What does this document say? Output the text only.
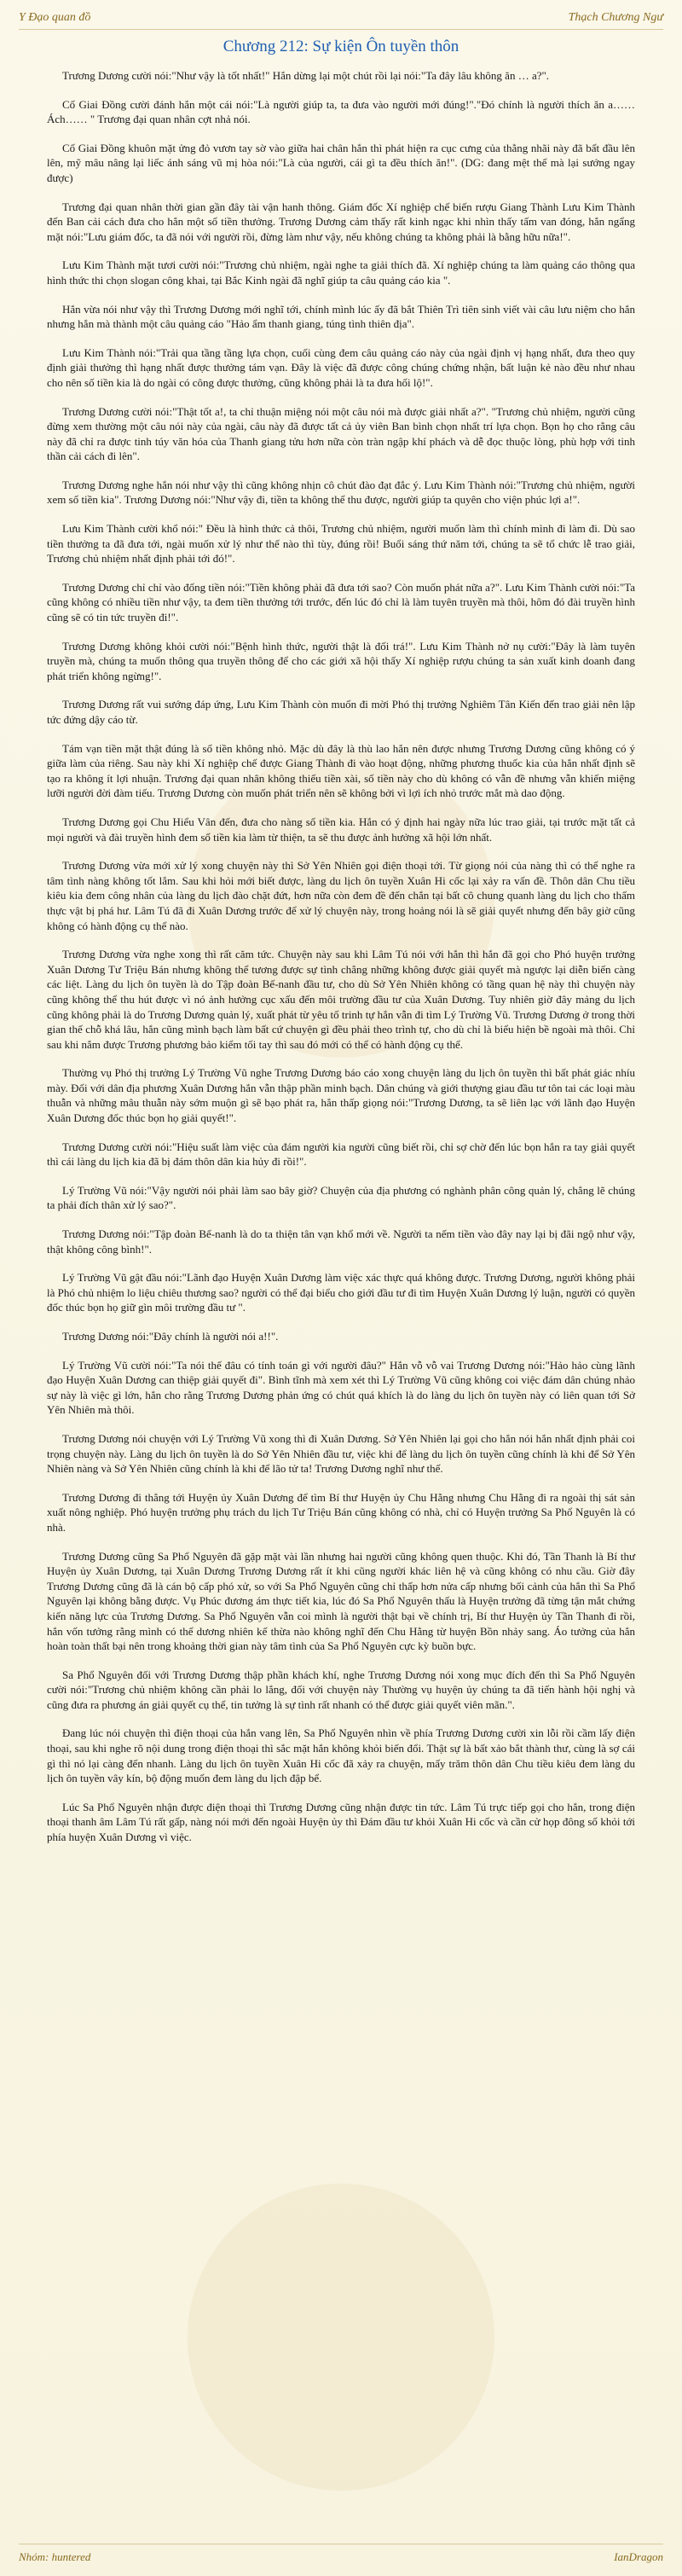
Y Đạo quan đồ	Thạch Chương Ngư
Chương 212: Sự kiện Ôn tuyền thôn

Trương Dương cười nói:"Như vậy là tốt nhất!" Hắn dừng lại một chút rồi lại nói:"Ta đây lâu không ăn … a?".

Cố Giai Đồng cười đánh hắn một cái nói:"Là người giúp ta, ta đưa vào người mới đúng!"."Đó chính là người thích ăn a…… Ách…… " Trương đại quan nhân cợt nhả nói.

Cố Giai Đồng khuôn mặt ửng đỏ vươn tay sờ vào giữa hai chân hắn thì phát hiện ra cục cưng của thằng nhãi này đã bất đầu lên lên, mỹ mâu nâng lại liếc ánh sáng vũ mị hòa nói:"Là của người, cái gì ta đều thích ăn!". (DG: đang mệt thế mà lại sướng ngay được)

Trương đại quan nhân thời gian gần đây tài vận hanh thông. Giám đốc Xí nghiệp chế biến rượu Giang Thành Lưu Kim Thành đến Ban cải cách đưa cho hắn một số tiền thưởng. Trương Dương cảm thấy rất kinh ngạc khi nhìn thấy tấm van đóng, hắn ngẩng mặt nói:"Lưu giám đốc, ta đã nói với người rồi, đừng làm như vậy, nếu không chúng ta không phải là bằng hữu nữa!".

Lưu Kim Thành mặt tươi cười nói:"Trương chủ nhiệm, ngài nghe ta giải thích đã. Xí nghiệp chúng ta làm quảng cáo thông qua hình thức thi chọn slogan công khai, tại Bắc Kinh ngài đã nghĩ giúp ta câu quảng cáo kia ".

Hắn vừa nói như vậy thì Trương Dương mới nghĩ tới, chính mình lúc ấy đã bắt Thiên Trì tiên sinh viết vài câu lưu niệm cho hắn nhưng hắn mà thành một câu quảng cáo "Hảo ẩm thanh giang, túng tình thiên địa".

Lưu Kim Thành nói:"Trải qua tầng tầng lựa chọn, cuối cùng đem câu quảng cáo này của ngài định vị hạng nhất, đưa theo quy định giải thưởng thì hạng nhất được thưởng tám vạn. Đây là việc đã được công chúng chứng nhận, bất luận kẻ nào đều như nhau cho nên số tiền kia là do ngài có công được thưởng, cũng không phải là ta đưa hối lộ!".

Trương Dương cười nói:"Thật tốt a!, ta chỉ thuận miệng nói một câu nói mà được giải nhất a?". "Trương chủ nhiệm, người cũng đừng xem thường một câu nói này của ngài, câu này đã được tất cả ủy viên Ban bình chọn nhất trí lựa chọn. Bọn họ cho rằng câu này đã chỉ ra được tinh túy văn hóa của Thanh giang tửu hơn nữa còn tràn ngập khí phách và dễ đọc thuộc lòng, phù hợp với tinh thần cải cách đi lên".

Trương Dương nghe hắn nói như vậy thì cũng không nhịn cô chút đào đạt đắc ý. Lưu Kim Thành nói:"Trương chủ nhiệm, người xem số tiền kia". Trương Dương nói:"Như vậy đi, tiền ta không thể thu được, người giúp ta quyên cho viện phúc lợi a!".

Lưu Kim Thành cười khổ nói:" Đều là hình thức cả thôi, Trương chủ nhiệm, người muốn làm thì chính mình đi làm đi. Dù sao tiền thưởng ta đã đưa tới, ngài muốn xử lý như thế nào thì tùy, đúng rồi! Buổi sáng thứ năm tới, chúng ta sẽ tổ chức lễ trao giải, Trương chủ nhiệm nhất định phải tới đó!".

Trương Dương chỉ chỉ vào đống tiền nói:"Tiền không phải đã đưa tới sao? Còn muốn phát nữa a?". Lưu Kim Thành cười nói:"Ta cũng không có nhiều tiền như vậy, ta đem tiền thưởng tới trước, đến lúc đó chỉ là làm tuyên truyền mà thôi, hôm đó đài truyền hình cũng sẽ có tin tức truyền đi!".

Trương Dương không khỏi cười nói:"Bệnh hình thức, người thật là đối trá!". Lưu Kim Thành nở nụ cười:"Đây là làm tuyên truyền mà, chúng ta muốn thông qua truyền thông để cho các giới xã hội thấy Xí nghiệp rượu chúng ta sản xuất kinh doanh đang phát triển không ngừng!".

Trương Dương rất vui sướng đáp ứng, Lưu Kim Thành còn muốn đi mời Phó thị trưởng Nghiêm Tân Kiến đến trao giải nên lập tức đứng dậy cáo từ.

Tám vạn tiền mặt thật đúng là số tiền không nhỏ. Mặc dù đây là thù lao hắn nên được nhưng Trương Dương cũng không có ý giữa làm của riêng. Sau này khi Xí nghiệp chế được Giang Thành đi vào hoạt động, những phương thuốc kia của hắn nhất định sẽ tạo ra không ít lợi nhuận. Trương đại quan nhân không thiếu tiền xài, số tiền này cho dù không có vẫn đề nhưng vẫn khiến miệng lưỡi người đời đàm tiếu. Trương Dương còn muốn phát triển nên sẽ không bởi vì lợi ích nhỏ trước mắt mà dao động.

Trương Dương gọi Chu Hiểu Vân đến, đưa cho nàng số tiền kia. Hắn có ý định hai ngày nữa lúc trao giải, tại trước mặt tất cả mọi người và đài truyền hình đem số tiền kia làm từ thiện, ta sẽ thu được ảnh hưởng xã hội lớn nhất.

Trương Dương vừa mới xử lý xong chuyện này thì Sở Yên Nhiên gọi điện thoại tới. Từ giọng nói của nàng thì có thể nghe ra tâm tình nàng không tốt lắm. Sau khi hỏi mới biết được, làng du lịch ôn tuyền Xuân Hi cốc lại xảy ra vấn đề. Thôn dân Chu tiều kiêu kia đem công nhân của làng du lịch đào chặt đứt, hơn nữa còn đem đề đến chắn tại bất cô chung quanh làng du lịch cho thấm thực vật bị phá hư. Lâm Tú đã đi Xuân Dương trước để xử lý chuyện này, trong hoảng nói là sẽ giải quyết nhưng đến bây giờ cũng không có hành động cụ thể nào.

Trương Dương vừa nghe xong thì rất căm tức. Chuyện này sau khi Lâm Tú nói với hắn thì hắn đã gọi cho Phó huyện trưởng Xuân Dương Tư Triệu Bán nhưng không thể tương được sự tình chẳng những không được giải quyết mà ngược lại diễn biến càng các liệt. Làng du lịch ôn tuyền là do Tập đoàn Bế-nanh đầu tư, cho dù Sở Yên Nhiên không có tầng quan hệ này thì chuyện này cũng không thể thu hút được vì nó ảnh hưởng cục xấu đến môi trường đầu tư của Xuân Dương. Tuy nhiên giờ đây mảng du lịch cũng không phải là do Trương Dương quản lý, xuất phát từ yêu tố trinh tự hắn vẫn đi tìm Lý Trường Vũ. Trương Dương ở trong thời gian thế chỗ khá lâu, hắn cũng mình bạch làm bất cứ chuyện gì đều phải theo trình tự, cho dù chỉ là biểu hiện bề ngoài mà thôi. Chỉ sau khi nắm được Trương phương bảo kiểm tối tay thì sau đó mới có thể có hành động cụ thể.

Thường vụ Phó thị trưởng Lý Trường Vũ nghe Trương Dương báo cáo xong chuyện làng du lịch ôn tuyền thì bất phát giác nhíu mày. Đối với dân địa phương Xuân Dương hắn vẫn thập phần minh bạch. Dân chúng và giới thượng giau đầu tư tôn tai các loại màu thuẫn và những mâu thuẫn này sớm muộn gì sẽ bạo phát ra, hắn thấp giọng nói:"Trương Dương, ta sẽ liên lạc với lãnh đạo Huyện Xuân Dương đốc thúc bọn họ giải quyết!".

Trương Dương cười nói:"Hiệu suất làm việc của đám người kia người cũng biết rồi, chỉ sợ chờ đến lúc bọn hắn ra tay giải quyết thì cái làng du lịch kia đã bị đám thôn dân kia hủy đi rồi!".

Lý Trường Vũ nói:"Vậy người nói phải làm sao bây giờ? Chuyện của địa phương có nghành phân công quản lý, chẳng lẽ chúng ta phải đích thân xử lý sao?".

Trương Dương nói:"Tập đoàn Bế-nanh là do ta thiện tân vạn khổ mới về. Người ta nếm tiền vào đây nay lại bị đãi ngộ như vậy, thật không công bình!".

Lý Trường Vũ gật đầu nói:"Lãnh đạo Huyện Xuân Dương làm việc xác thực quá không được. Trương Dương, người không phải là Phó chủ nhiệm lo liệu chiêu thương sao? người có thể đại biểu cho giới đầu tư đi tìm Huyện Xuân Dương lý luận, người có quyền đốc thúc bọn họ giữ gìn môi trường đầu tư ".

Trương Dương nói:"Đây chính là người nói a!!".

Lý Trường Vũ cười nói:"Ta nói thế đâu có tính toán gì với người đâu?" Hắn vỗ vỗ vai Trương Dương nói:"Hảo hảo cùng lãnh đạo Huyện Xuân Dương can thiệp giải quyết đi". Bình tĩnh mà xem xét thì Lý Trường Vũ cũng không coi việc đám dân chúng nhảo sự này là việc gì lớn, hắn cho rằng Trương Dương phản ứng có chút quá khích là do làng du lịch ôn tuyền này có liên quan tới Sở Yên Nhiên mà thôi.

Trương Dương nói chuyện với Lý Trường Vũ xong thì đi Xuân Dương. Sở Yên Nhiên lại gọi cho hắn nói hắn nhất định phải coi trọng chuyện này. Làng du lịch ôn tuyền là do Sở Yên Nhiên đầu tư, việc khi để làng du lịch ôn tuyền cũng chính là khi để Sở Yên Nhiên nàng và Sở Yên Nhiên cũng chính là khi để lão tử ta! Trương Dương nghĩ như thế.

Trương Dương đi thẳng tới Huyện ủy Xuân Dương để tìm Bí thư Huyện ủy Chu Hằng nhưng Chu Hằng đi ra ngoài thị sát sản xuất nông nghiệp. Phó huyện trưởng phụ trách du lịch Tư Triệu Bán cũng không có nhà, chỉ có Huyện trưởng Sa Phổ Nguyên là có nhà.

Trương Dương cũng Sa Phổ Nguyên đã gặp mặt vài lần nhưng hai người cũng không quen thuộc. Khi đó, Tần Thanh là Bí thư Huyện ủy Xuân Dương, tại Xuân Dương Trương Dương rất ít khi cũng người khác liên hệ và cũng không có nhu cầu. Giờ đây Trương Dương cũng đã là cán bộ cấp phó xử, so với Sa Phổ Nguyên cũng chỉ thấp hơn nửa cấp nhưng bối cảnh của hắn thì Sa Phổ Nguyên lại không bằng được. Vụ Phúc đương ám thực tiết kia, lúc đó Sa Phổ Nguyên thấu là Huyện trưởng đã từng tận mắt chứng kiến năng lực của Trương Dương. Sa Phổ Nguyên vẫn coi mình là người thật bại về chính trị, Bí thư Huyện ủy Tần Thanh đi rồi, hắn vốn tưởng rằng mình có thể dương nhiên kế thừa nào không nghĩ đến Chu Hằng từ huyện Bồn nhảy sang. Áo tưởng của hắn hoàn toàn thất bại nên trong khoảng thời gian này tâm tình của Sa Phổ Nguyên cực kỳ buồn bực.

Sa Phổ Nguyên đối với Trương Dương thập phần khách khí, nghe Trương Dương nói xong mục đích đến thì Sa Phổ Nguyên cười nói:"Trương chủ nhiệm không cần phải lo lắng, đối với chuyện này Thường vụ huyện ủy chúng ta đã tiến hành hội nghị và cũng đưa ra phương án giải quyết cụ thể, tin tưởng là sự tình rất nhanh có thể được giải quyết viên mãn.".

Đang lúc nói chuyện thì điện thoại của hắn vang lên, Sa Phổ Nguyên nhìn về phía Trương Dương cười xin lỗi rồi cầm lấy điện thoại, sau khi nghe rõ nội dung trong điện thoại thì sắc mặt hắn không khỏi biến đổi. Thật sự là bất xảo bắt thành thư, cùng là sợ cái gì thì nó lại càng đến nhanh. Làng du lịch ôn tuyền Xuân Hi cốc đã xảy ra chuyện, mấy trăm thôn dân Chu tiều kiêu đem làng du lịch ôn tuyền vây kín, bộ động muốn đem làng du lịch đập bể.

Lúc Sa Phổ Nguyên nhận được điện thoại thì Trương Dương cũng nhận được tin tức. Lâm Tú trực tiếp gọi cho hắn, trong điện thoại thanh âm Lâm Tú rất gấp, nàng nói mới đến ngoài Huyện ủy thì Đám đầu tư khỏi Xuân Hi cốc và cần cử họp đông số khỏi tới phía huyện Xuân Dương vì việc.

Nhóm: huntered	IanDragon
